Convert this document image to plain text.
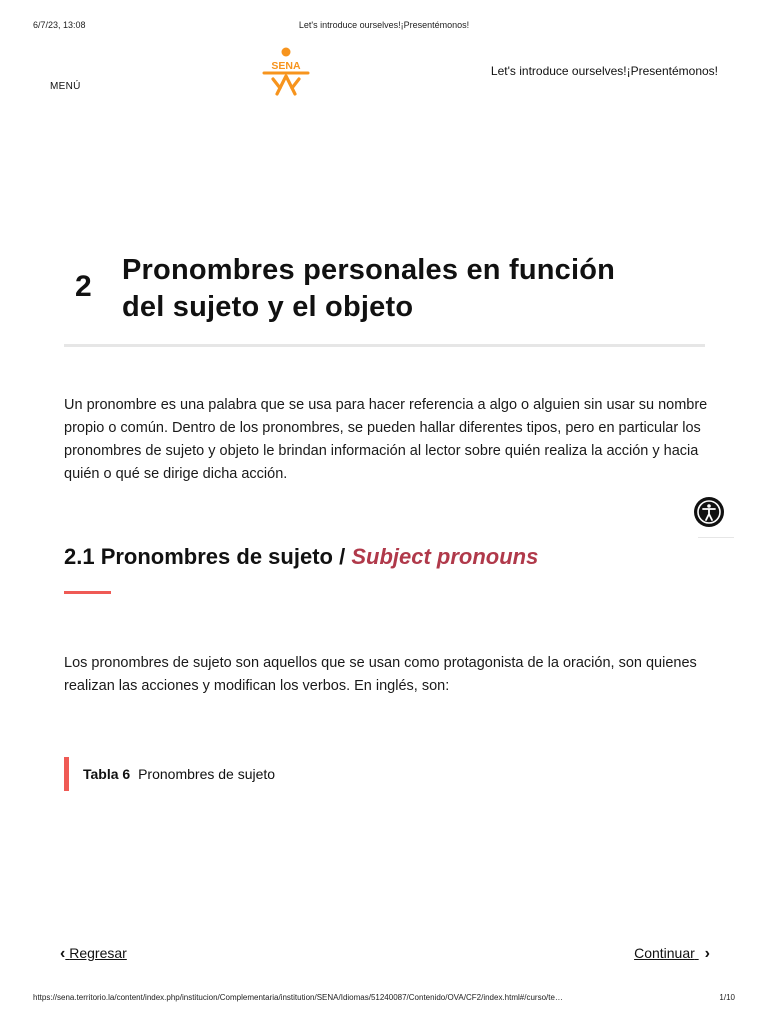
6/7/23, 13:08	Let's introduce ourselves!¡Presentémonos!
MENÚ
SENA	Let's introduce ourselves!¡Presentémonos!
2 Pronombres personales en función
del sujeto y el objeto
Un pronombre es una palabra que se usa para hacer referencia a algo o alguien sin usar su nombre propio o común. Dentro de los pronombres, se pueden hallar diferentes tipos, pero en particular los pronombres de sujeto y objeto le brindan información al lector sobre quién realiza la acción y hacia quién o qué se dirige dicha acción.
2.1 Pronombres de sujeto / Subject pronouns
Los pronombres de sujeto son aquellos que se usan como protagonista de la oración, son quienes realizan las acciones y modifican los verbos. En inglés, son:
Tabla 6 Pronombres de sujeto
‹ Regresar	Continuar ›
https://sena.territorio.la/content/index.php/institucion/Complementaria/institution/SENA/Idiomas/51240087/Contenido/OVA/CF2/index.html#/curso/te…	1/10
